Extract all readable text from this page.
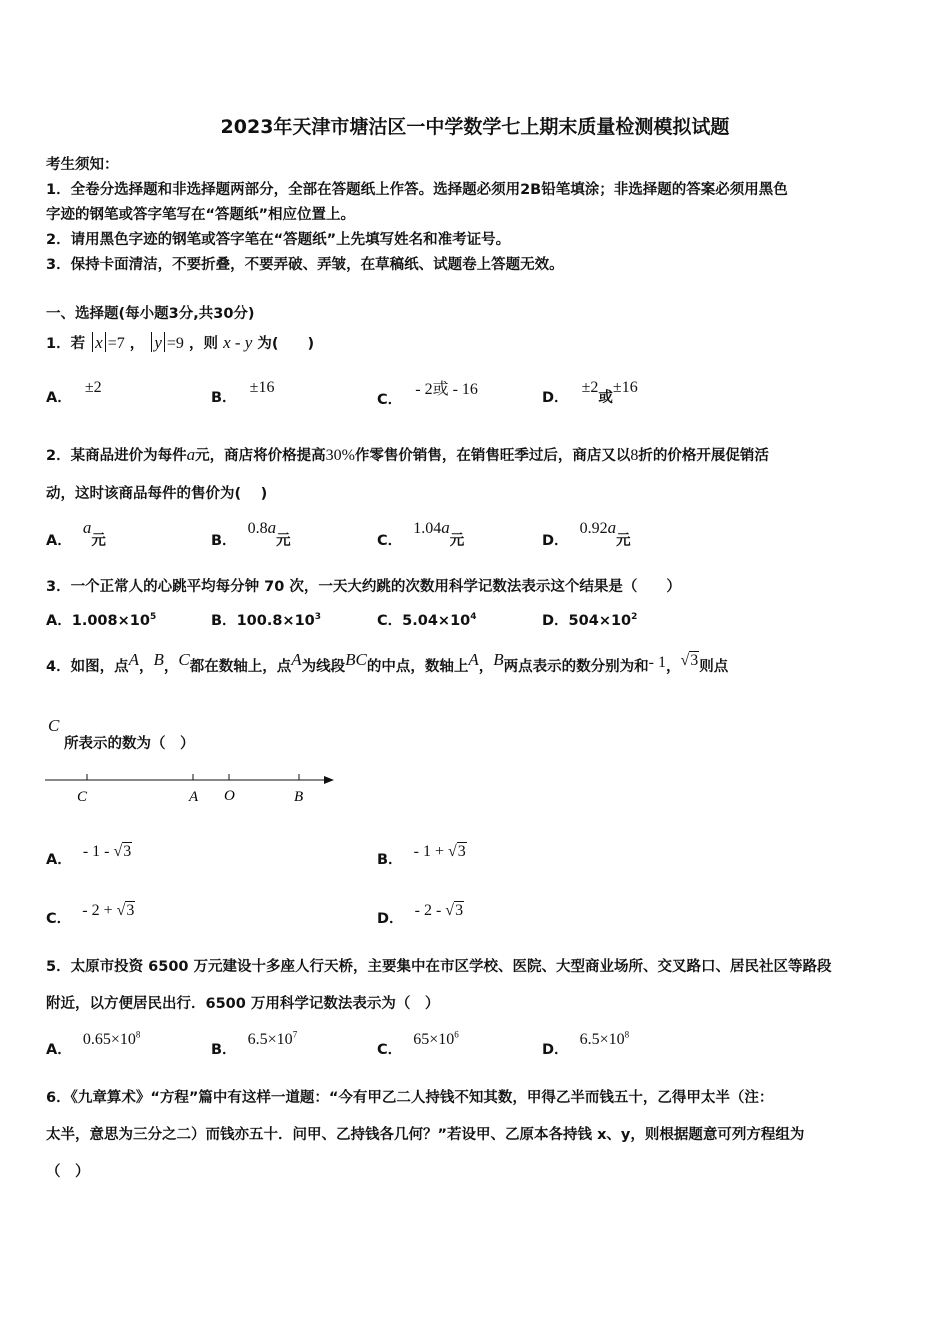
2023年天津市塘沽区一中学数学七上期末质量检测模拟试题
考生须知：
1．全卷分选择题和非选择题两部分，全部在答题纸上作答。选择题必须用2B铅笔填涂；非选择题的答案必须用黑色
字迹的钢笔或答字笔写在“答题纸”相应位置上。
2．请用黑色字迹的钢笔或答字笔在“答题纸”上先填写姓名和准考证号。
3．保持卡面清洁，不要折叠，不要弄破、弄皱，在草稿纸、试题卷上答题无效。
一、选择题(每小题3分,共30分)
1．若 x =7 ， y =9 ，则 x - y 为(　　)
A． ±2
B． ±16
C． - 2或 - 16	D． ±2或±16
2．某商品进价为每件a元，商店将价格提高30%作零售价销售，在销售旺季过后，商店又以8折的价格开展促销活
动，这时该商品每件的售价为(　 )
A． a元	B． 0.8a元	C． 1.04a元	D． 0.92a元
3．一个正常人的心跳平均每分钟 70 次，一天大约跳的次数用科学记数法表示这个结果是（　　）
A．$1.008\times 10^5$	B．$100.8\times 10^3$	C．$5.04\times 10^4$	D．$504\times 10^2$
4．如图，点A，B，C都在数轴上，点A为线段BC的中点，数轴上A，B两点表示的数分别为和- 1，√3则点
C
所表示的数为（　）
C	A O	B
A． - 1 - √3	B． - 1 + √3
C． - 2 + √3	D． - 2 - √3
5．太原市投资 6500 万元建设十多座人行天桥，主要集中在市区学校、医院、大型商业场所、交叉路口、居民社区等路段
附近，以方便居民出行．6500 万用科学记数法表示为（　）
A． $0.65\times 10^8$
B． $6.5\times 10^7$
C． $65\times 10^6$
D． $6.5\times 10^8$
6．《九章算术》“方程”篇中有这样一道题：“今有甲乙二人持钱不知其数，甲得乙半而钱五十，乙得甲太半（注：
太半，意思为三分之二）而钱亦五十．问甲、乙持钱各几何？”若设甲、乙原本各持钱 x、y，则根据题意可列方程组为
（　）
